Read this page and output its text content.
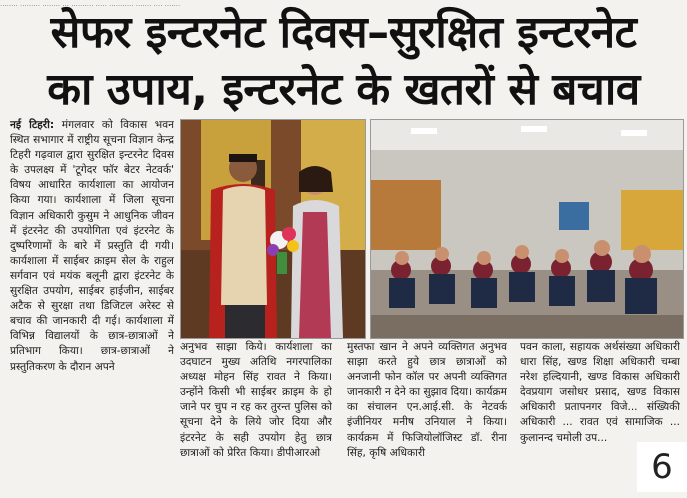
........ ......... ........ ... .......... ..... ........... ....... .... .......
सेफर इन्टरनेट दिवस–सुरक्षित इन्टरनेट
का उपाय, इन्टरनेट के खतरों से बचाव

नई टिहरी: मंगलवार को विकास भवन स्थित सभागार में राष्ट्रीय सूचना विज्ञान केन्द्र टिहरी गढ़वाल द्वारा सुरक्षित इन्टरनेट दिवस के उपलक्ष्य में 'टूगेदर फॉर बेटर नेटवर्क' विषय आधारित कार्यशाला का आयोजन किया गया। कार्यशाला में जिला सूचना विज्ञान अधिकारी कुसुम ने आधुनिक जीवन में इंटरनेट की उपयोगिता एवं इंटरनेट के दुष्परिणामों के बारे में प्रस्तुति दी गयी। कार्यशाला में साईबर क्राइम सेल के राहुल सर्गवान एवं मयंक बलूनी द्वारा इंटरनेट के सुरक्षित उपयोग, साईबर हाईजीन, साईबर अटैक से सुरक्षा तथा डिजिटल अरेस्ट से बचाव की जानकारी दी गई। कार्यशाला में विभिन्न विद्यालयों के छात्र-छात्राओं ने प्रतिभाग किया। छात्र-छात्राओं ने प्रस्तुतिकरण के दौरान अपने

अनुभव साझा किये। कार्यशाला का उदघाटन मुख्य अतिथि नगरपालिका अध्यक्ष मोहन सिंह रावत ने किया। उन्होंने किसी भी साईबर क्राइम के हो जाने पर चुप न रह कर तुरन्त पुलिस को सूचना देने के लिये जोर दिया और इंटरनेट के सही उपयोग हेतु छात्र छात्राओं को प्रेरित किया। डीपीआरओ

मुस्तफा खान ने अपने व्यक्तिगत अनुभव साझा करते हुये छात्र छात्राओं को अनजानी फोन कॉल पर अपनी व्यक्तिगत जानकारी न देने का सुझाव दिया। कार्यक्रम का संचालन एन.आई.सी. के नेटवर्क इंजीनियर मनीष उनियाल ने किया। कार्यक्रम में फिजियोलॉजिस्ट डॉ. रीना सिंह, कृषि अधिकारी

पवन काला, सहायक अर्थसंख्या अधिकारी धारा सिंह, खण्ड शिक्षा अधिकारी चम्बा नरेश हल्दियानी, खण्ड विकास अधिकारी देवप्रयाग जसोधर प्रसाद, खण्ड विकास अधिकारी प्रतापनगर विजे... संख्यिकी अधिकारी ... रावत एवं सामाजिक ... कुलानन्द चमोली उप...

6
